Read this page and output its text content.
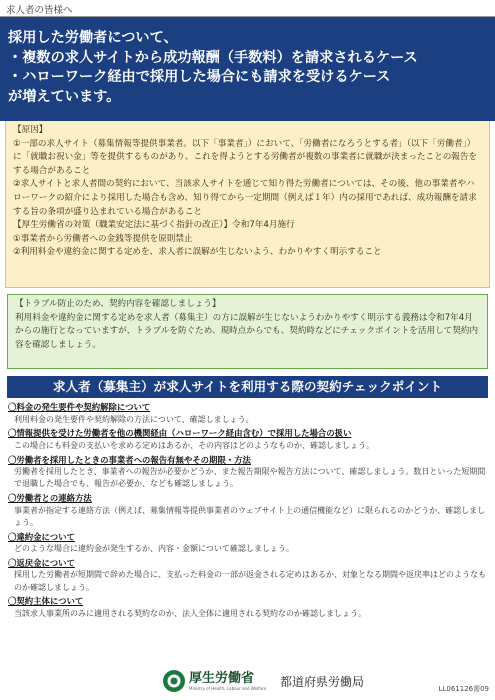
求人者の皆様へ
採用した労働者について、
・複数の求人サイトから成功報酬（手数料）を請求されるケース
・ハローワーク経由で採用した場合にも請求を受けるケース
が増えています。
【原因】
①一部の求人サイト（募集情報等提供事業者。以下「事業者」）において、「労働者になろうとする者」（以下「労働者」）に「就職お祝い金」等を提供するものがあり、これを得ようとする労働者が複数の事業者に就職が決まったことの報告をする場合があること
②求人サイトと求人者間の契約において、当該求人サイトを通じて知り得た労働者については、その後、他の事業者やハローワークの紹介により採用した場合も含め、知り得てから一定期間（例えば１年）内の採用であれば、成功報酬を請求する旨の条項が盛り込まれている場合があること
【厚生労働省の対策（職業安定法に基づく指針の改正）】令和7年4月施行
①事業者から労働者への金銭等提供を原則禁止
②利用料金や違約金に関する定めを、求人者に誤解が生じないよう、わかりやすく明示すること
【トラブル防止のため、契約内容を確認しましょう】
利用料金や違約金に関する定めを求人者（募集主）の方に誤解が生じないようわかりやすく明示する義務は令和7年4月からの施行となっていますが、トラブルを防ぐため、現時点からでも、契約時などにチェックポイントを活用して契約内容を確認しましょう。
求人者（募集主）が求人サイトを利用する際の契約チェックポイント
〇料金の発生要件や契約解除について
利用料金の発生要件や契約解除の方法について、確認しましょう。
〇情報提供を受けた労働者を他の機関経由（ハローワーク経由含む）で採用した場合の扱い
この場合にも料金の支払いを求める定めはあるか、その内容はどのようなものか、確認しましょう。
〇労働者を採用したときの事業者への報告有無やその期限・方法
労働者を採用したとき、事業者への報告が必要かどうか、また報告期限や報告方法について、確認しましょう。数日といった短期間で退職した場合でも、報告が必要か、なども確認しましょう。
〇労働者との連絡方法
事業者が指定する連絡方法（例えば、募集情報等提供事業者のウェブサイト上の通信機能など）に限られるのかどうか、確認しましょう。
〇違約金について
どのような場合に違約金が発生するか、内容・金額について確認しましょう。
〇返戻金について
採用した労働者が短期間で辞めた場合に、支払った料金の一部が返金される定めはあるか、対象となる期間や返戻率はどのようなものか確認しましょう。
〇契約主体について
当該求人事業所のみに適用される契約なのか、法人全体に適用される契約なのか確認しましょう。
厚生労働省
Ministry of Health, Labour and Welfare 都道府県労働局	LL061126需09
